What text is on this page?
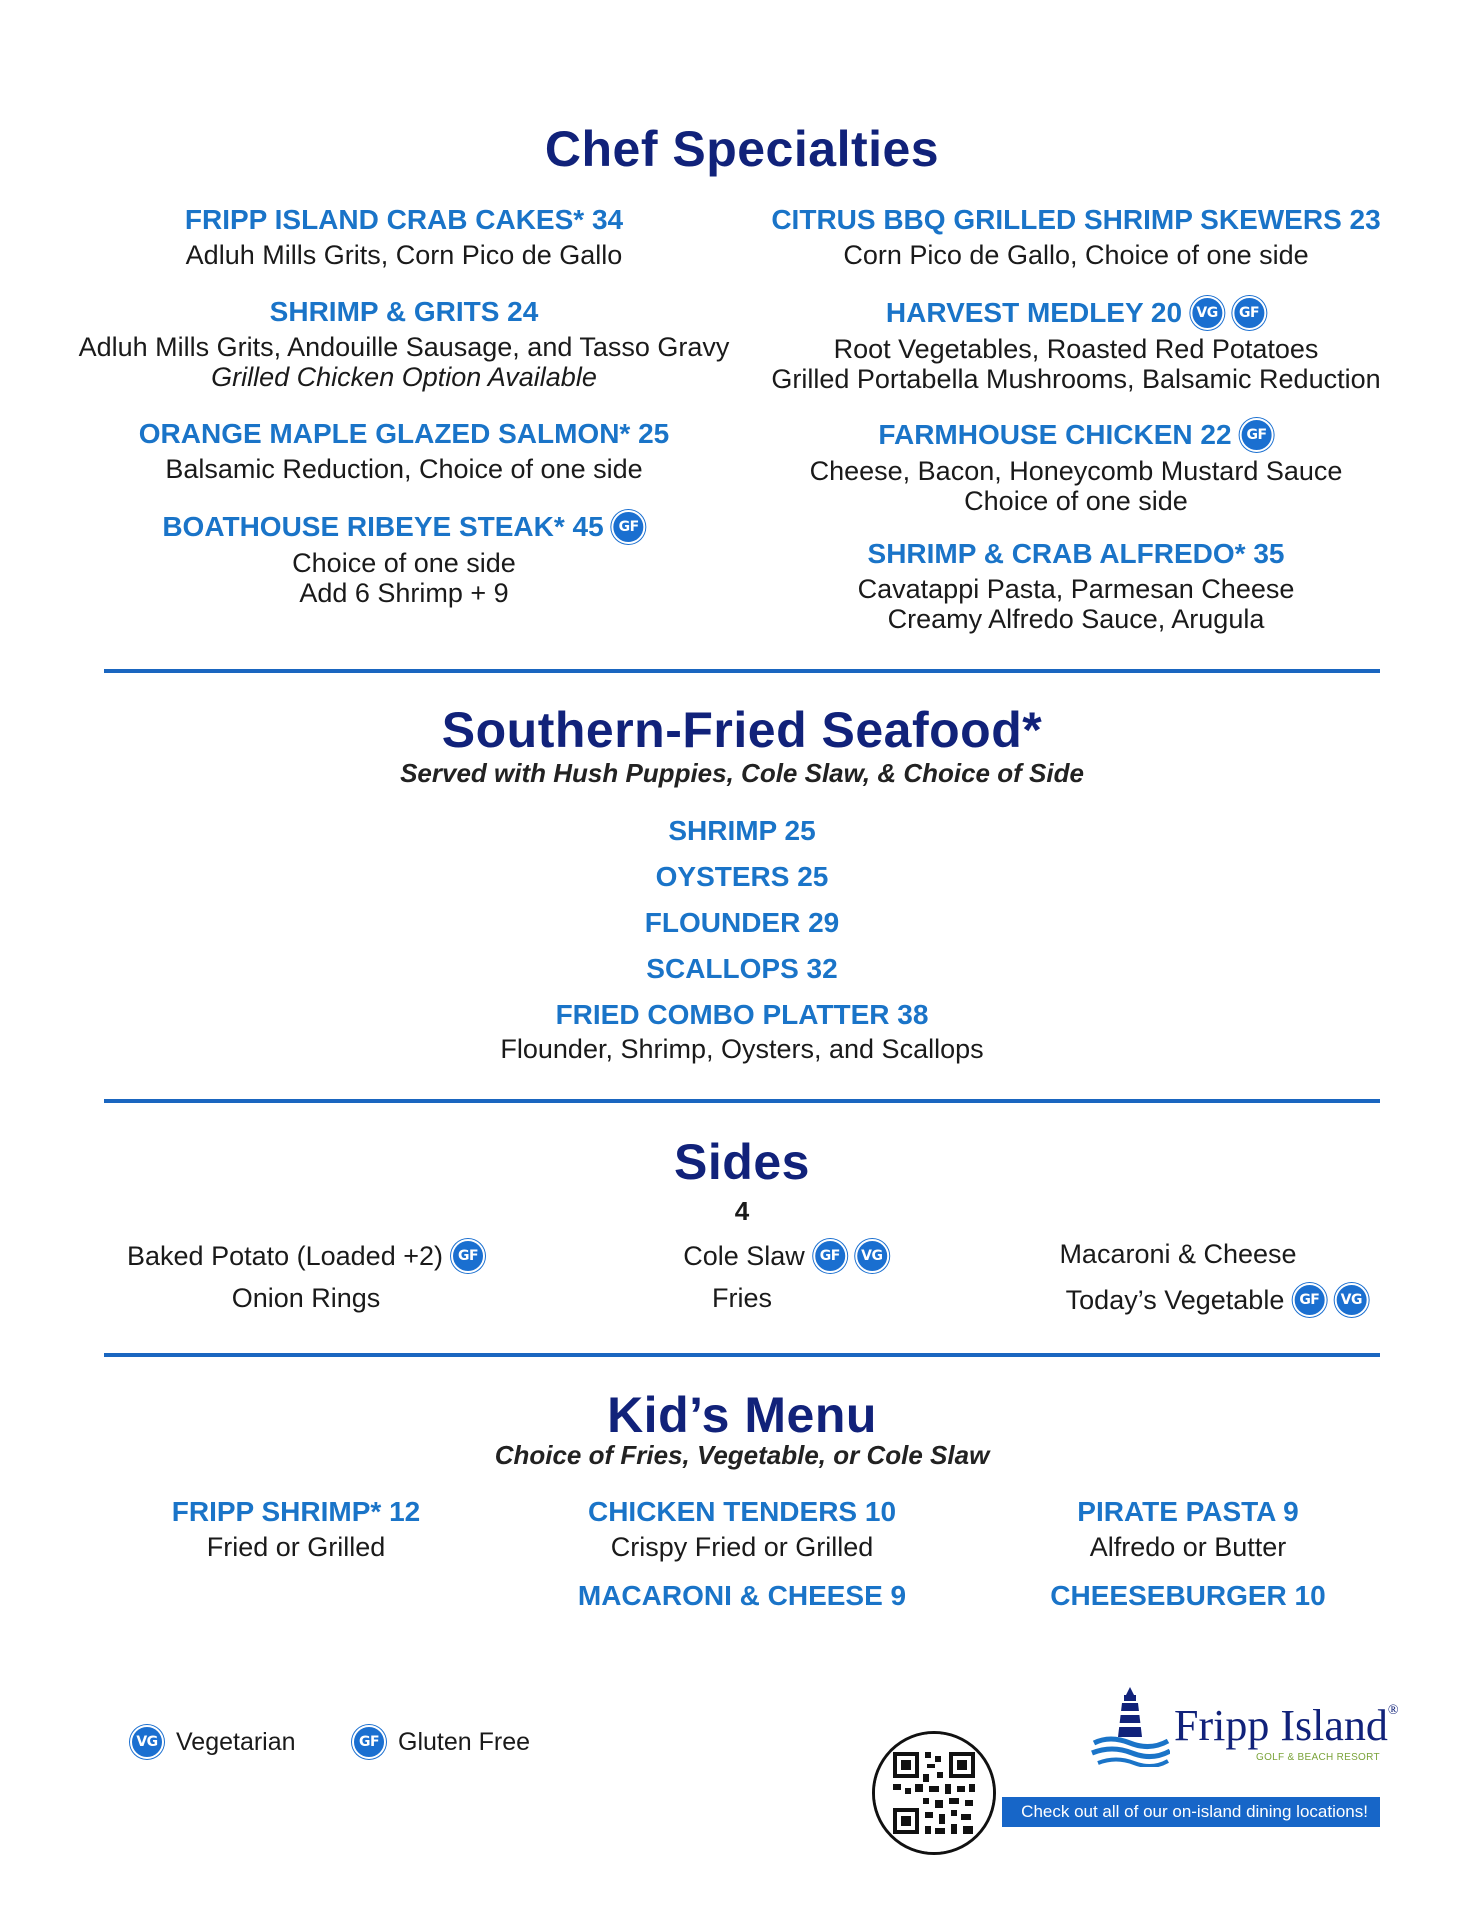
Chef Specialties
FRIPP ISLAND CRAB CAKES* 34
Adluh Mills Grits, Corn Pico de Gallo
SHRIMP & GRITS 24
Adluh Mills Grits, Andouille Sausage, and Tasso Gravy
Grilled Chicken Option Available
ORANGE MAPLE GLAZED SALMON* 25
Balsamic Reduction, Choice of one side
BOATHOUSE RIBEYE STEAK* 45	GF
Choice of one side
Add 6 Shrimp + 9
CITRUS BBQ GRILLED SHRIMP SKEWERS 23
Corn Pico de Gallo, Choice of one side
HARVEST MEDLEY 20	VG	GF
Root Vegetables, Roasted Red Potatoes
Grilled Portabella Mushrooms, Balsamic Reduction
FARMHOUSE CHICKEN 22	GF
Cheese, Bacon, Honeycomb Mustard Sauce
Choice of one side
SHRIMP & CRAB ALFREDO* 35
Cavatappi Pasta, Parmesan Cheese
Creamy Alfredo Sauce, Arugula
Southern-Fried Seafood*
Served with Hush Puppies, Cole Slaw, & Choice of Side
SHRIMP 25
OYSTERS 25
FLOUNDER 29
SCALLOPS 32
FRIED COMBO PLATTER 38
Flounder, Shrimp, Oysters, and Scallops
Sides
4
Baked Potato (Loaded +2)	GF	Cole Slaw	GF	VG	Macaroni & Cheese
Onion Rings	Fries	Today’s Vegetable	GF	VG
Kid’s Menu
Choice of Fries, Vegetable, or Cole Slaw
FRIPP SHRIMP* 12
Fried or Grilled
CHICKEN TENDERS 10
Crispy Fried or Grilled
PIRATE PASTA 9
Alfredo or Butter
MACARONI & CHEESE 9	CHEESEBURGER 10
VG Vegetarian
	GF Gluten Free
Check out all of our on-island dining locations!
Fripp Island®
GOLF & BEACH RESORT
